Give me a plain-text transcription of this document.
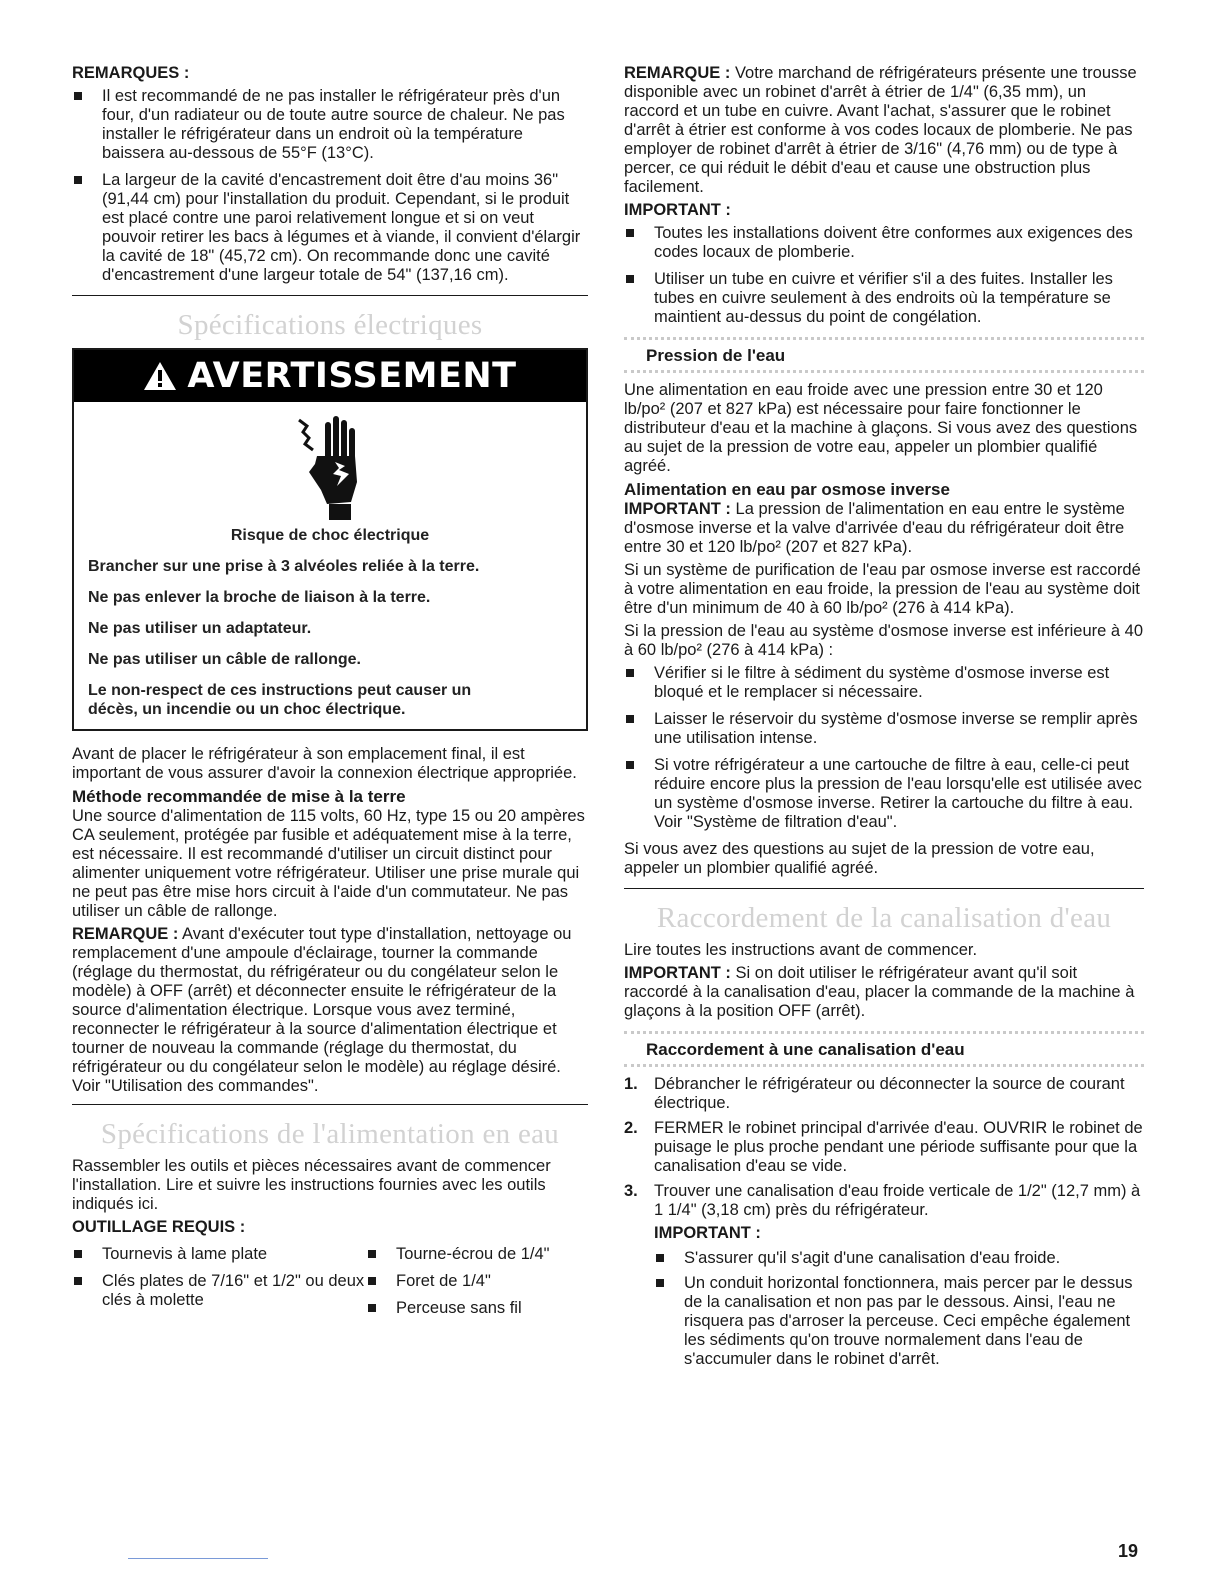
REMARQUES :

Il est recommandé de ne pas installer le réfrigérateur près d'un four, d'un radiateur ou de toute autre source de chaleur. Ne pas installer le réfrigérateur dans un endroit où la température baissera au-dessous de 55°F (13°C).
La largeur de la cavité d'encastrement doit être d'au moins 36" (91,44 cm) pour l'installation du produit. Cependant, si le produit est placé contre une paroi relativement longue et si on veut pouvoir retirer les bacs à légumes et à viande, il convient d'élargir la cavité de 18" (45,72 cm). On recommande donc une cavité d'encastrement d'une largeur totale de 54" (137,16 cm).
Spécifications électriques
AVERTISSEMENT

Risque de choc électrique

Brancher sur une prise à 3 alvéoles reliée à la terre.

Ne pas enlever la broche de liaison à la terre.

Ne pas utiliser un adaptateur.

Ne pas utiliser un câble de rallonge.

Le non-respect de ces instructions peut causer un décès, un incendie ou un choc électrique.

Avant de placer le réfrigérateur à son emplacement final, il est important de vous assurer d'avoir la connexion électrique appropriée.

Méthode recommandée de mise à la terre

Une source d'alimentation de 115 volts, 60 Hz, type 15 ou 20 ampères CA seulement, protégée par fusible et adéquatement mise à la terre, est nécessaire. Il est recommandé d'utiliser un circuit distinct pour alimenter uniquement votre réfrigérateur. Utiliser une prise murale qui ne peut pas être mise hors circuit à l'aide d'un commutateur. Ne pas utiliser un câble de rallonge.

REMARQUE : Avant d'exécuter tout type d'installation, nettoyage ou remplacement d'une ampoule d'éclairage, tourner la commande (réglage du thermostat, du réfrigérateur ou du congélateur selon le modèle) à OFF (arrêt) et déconnecter ensuite le réfrigérateur de la source d'alimentation électrique. Lorsque vous avez terminé, reconnecter le réfrigérateur à la source d'alimentation électrique et tourner de nouveau la commande (réglage du thermostat, du réfrigérateur ou du congélateur selon le modèle) au réglage désiré. Voir "Utilisation des commandes".

Spécifications de l'alimentation en eau

Rassembler les outils et pièces nécessaires avant de commencer l'installation. Lire et suivre les instructions fournies avec les outils indiqués ici.

OUTILLAGE REQUIS :

Tournevis à lame plate
Clés plates de 7/16" et 1/2" ou deux clés à molette
Tourne-écrou de 1/4"
Foret de 1/4"
Perceuse sans fil

REMARQUE : Votre marchand de réfrigérateurs présente une trousse disponible avec un robinet d'arrêt à étrier de 1/4" (6,35 mm), un raccord et un tube en cuivre. Avant l'achat, s'assurer que le robinet d'arrêt à étrier est conforme à vos codes locaux de plomberie. Ne pas employer de robinet d'arrêt à étrier de 3/16" (4,76 mm) ou de type à percer, ce qui réduit le débit d'eau et cause une obstruction plus facilement.

IMPORTANT :

Toutes les installations doivent être conformes aux exigences des codes locaux de plomberie.
Utiliser un tube en cuivre et vérifier s'il a des fuites. Installer les tubes en cuivre seulement à des endroits où la température se maintient au-dessus du point de congélation.
Pression de l'eau

Une alimentation en eau froide avec une pression entre 30 et 120 lb/po² (207 et 827 kPa) est nécessaire pour faire fonctionner le distributeur d'eau et la machine à glaçons. Si vous avez des questions au sujet de la pression de votre eau, appeler un plombier qualifié agréé.

Alimentation en eau par osmose inverse

IMPORTANT : La pression de l'alimentation en eau entre le système d'osmose inverse et la valve d'arrivée d'eau du réfrigérateur doit être entre 30 et 120 lb/po² (207 et 827 kPa).

Si un système de purification de l'eau par osmose inverse est raccordé à votre alimentation en eau froide, la pression de l'eau au système doit être d'un minimum de 40 à 60 lb/po² (276 à 414 kPa).

Si la pression de l'eau au système d'osmose inverse est inférieure à 40 à 60 lb/po² (276 à 414 kPa) :

Vérifier si le filtre à sédiment du système d'osmose inverse est bloqué et le remplacer si nécessaire.
Laisser le réservoir du système d'osmose inverse se remplir après une utilisation intense.
Si votre réfrigérateur a une cartouche de filtre à eau, celle-ci peut réduire encore plus la pression de l'eau lorsqu'elle est utilisée avec un système d'osmose inverse. Retirer la cartouche du filtre à eau. Voir "Système de filtration d'eau".

Si vous avez des questions au sujet de la pression de votre eau, appeler un plombier qualifié agréé.

Raccordement de la canalisation d'eau

Lire toutes les instructions avant de commencer.

IMPORTANT : Si on doit utiliser le réfrigérateur avant qu'il soit raccordé à la canalisation d'eau, placer la commande de la machine à glaçons à la position OFF (arrêt).

Raccordement à une canalisation d'eau
1. Débrancher le réfrigérateur ou déconnecter la source de courant électrique.
2. FERMER le robinet principal d'arrivée d'eau. OUVRIR le robinet de puisage le plus proche pendant une période suffisante pour que la canalisation d'eau se vide.
3. Trouver une canalisation d'eau froide verticale de 1/2" (12,7 mm) à 1 1/4" (3,18 cm) près du réfrigérateur.

IMPORTANT :

S'assurer qu'il s'agit d'une canalisation d'eau froide.
Un conduit horizontal fonctionnera, mais percer par le dessus de la canalisation et non pas par le dessous. Ainsi, l'eau ne risquera pas d'arroser la perceuse. Ceci empêche également les sédiments qu'on trouve normalement dans l'eau de s'accumuler dans le robinet d'arrêt.
19
